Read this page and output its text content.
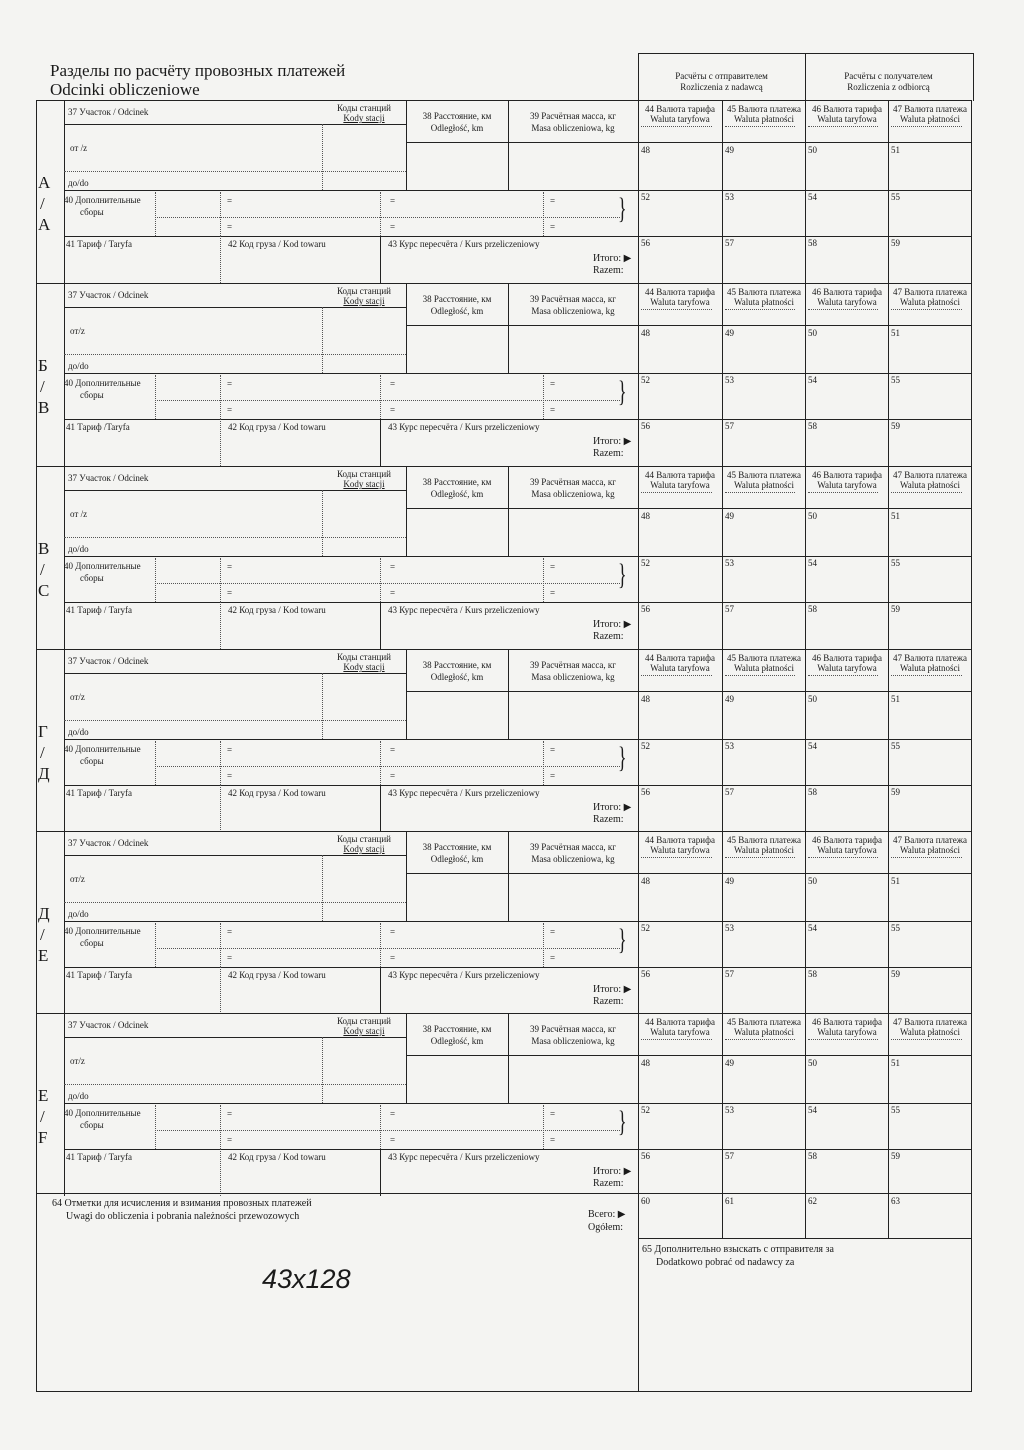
Разделы по расчёту провозных платежей
Odcinki obliczeniowe
Расчёты с отправителем
Rozliczenia z nadawcą
Расчёты с получателем
Rozliczenia z odbiorcą
44 Валюта тарифа
Waluta taryfowa
45 Валюта платежа
Waluta płatności
46 Валюта тарифа
Waluta taryfowa
47 Валюта платежа
Waluta płatności
48	49	50	51
52	53	54	55
56	57	58	59
37 Участок / Odcinek	Коды станций
Kody stacji	38 Расстояние, км
Odległość, km
39 Расчётная масса, кг
Masa obliczeniowa, kg
от /z
до/do
40 Дополнительные
сборы
=	=	=
=	=	=
}
41 Тариф / Taryfa	42 Код груза / Kod towaru	43 Курс пересчёта / Kurs przeliczeniowy
Итого: ▶
Razem:
А
/
А
44 Валюта тарифа
Waluta taryfowa
45 Валюта платежа
Waluta płatności
46 Валюта тарифа
Waluta taryfowa
47 Валюта платежа
Waluta płatności
48	49	50	51
52	53	54	55
56	57	58	59
37 Участок / Odcinek	Коды станций
Kody stacji	38 Расстояние, км
Odległość, km
39 Расчётная масса, кг
Masa obliczeniowa, kg
от/z
до/do
40 Дополнительные
сборы
=	=	=
=	=	=
}
41 Тариф /Taryfa	42 Код груза / Kod towaru	43 Курс пересчёта / Kurs przeliczeniowy
Итого: ▶
Razem:
Б
/
В
44 Валюта тарифа
Waluta taryfowa
45 Валюта платежа
Waluta płatności
46 Валюта тарифа
Waluta taryfowa
47 Валюта платежа
Waluta płatności
48	49	50	51
52	53	54	55
56	57	58	59
37 Участок / Odcinek	Коды станций
Kody stacji	38 Расстояние, км
Odległość, km
39 Расчётная масса, кг
Masa obliczeniowa, kg
от /z
до/do
40 Дополнительные
сборы
=	=	=
=	=	=
}
41 Тариф / Taryfa	42 Код груза / Kod towaru	43 Курс пересчёта / Kurs przeliczeniowy
Итого: ▶
Razem:
В
/
С
44 Валюта тарифа
Waluta taryfowa
45 Валюта платежа
Waluta płatności
46 Валюта тарифа
Waluta taryfowa
47 Валюта платежа
Waluta płatności
48	49	50	51
52	53	54	55
56	57	58	59
37 Участок / Odcinek	Коды станций
Kody stacji	38 Расстояние, км
Odległość, km
39 Расчётная масса, кг
Masa obliczeniowa, kg
от/z
до/do
40 Дополнительные
сборы
=	=	=
=	=	=
}
41 Тариф / Taryfa	42 Код груза / Kod towaru	43 Курс пересчёта / Kurs przeliczeniowy
Итого: ▶
Razem:
Г
/
Д
44 Валюта тарифа
Waluta taryfowa
45 Валюта платежа
Waluta płatności
46 Валюта тарифа
Waluta taryfowa
47 Валюта платежа
Waluta płatności
48	49	50	51
52	53	54	55
56	57	58	59
37 Участок / Odcinek	Коды станций
Kody stacji	38 Расстояние, км
Odległość, km
39 Расчётная масса, кг
Masa obliczeniowa, kg
от/z
до/do
40 Дополнительные
сборы
=	=	=
=	=	=
}
41 Тариф / Taryfa	42 Код груза / Kod towaru	43 Курс пересчёта / Kurs przeliczeniowy
Итого: ▶
Razem:
Д
/
Е
44 Валюта тарифа
Waluta taryfowa
45 Валюта платежа
Waluta płatności
46 Валюта тарифа
Waluta taryfowa
47 Валюта платежа
Waluta płatności
48	49	50	51
52	53	54	55
56	57	58	59
37 Участок / Odcinek	Коды станций
Kody stacji	38 Расстояние, км
Odległość, km
39 Расчётная масса, кг
Masa obliczeniowa, kg
от/z
до/do
40 Дополнительные
сборы
=	=	=
=	=	=
}
41 Тариф / Taryfa	42 Код груза / Kod towaru	43 Курс пересчёта / Kurs przeliczeniowy
Итого: ▶
Razem:
Е
/
F
64 Отметки для исчисления и взимания провозных платежей
Uwagi do obliczenia i pobrania należności przewozowych
43x128
Всего: ▶
Ogółem:
60	61	62	63
65 Дополнительно взыскать с отправителя за
Dodatkowo pobrać od nadawcy za
